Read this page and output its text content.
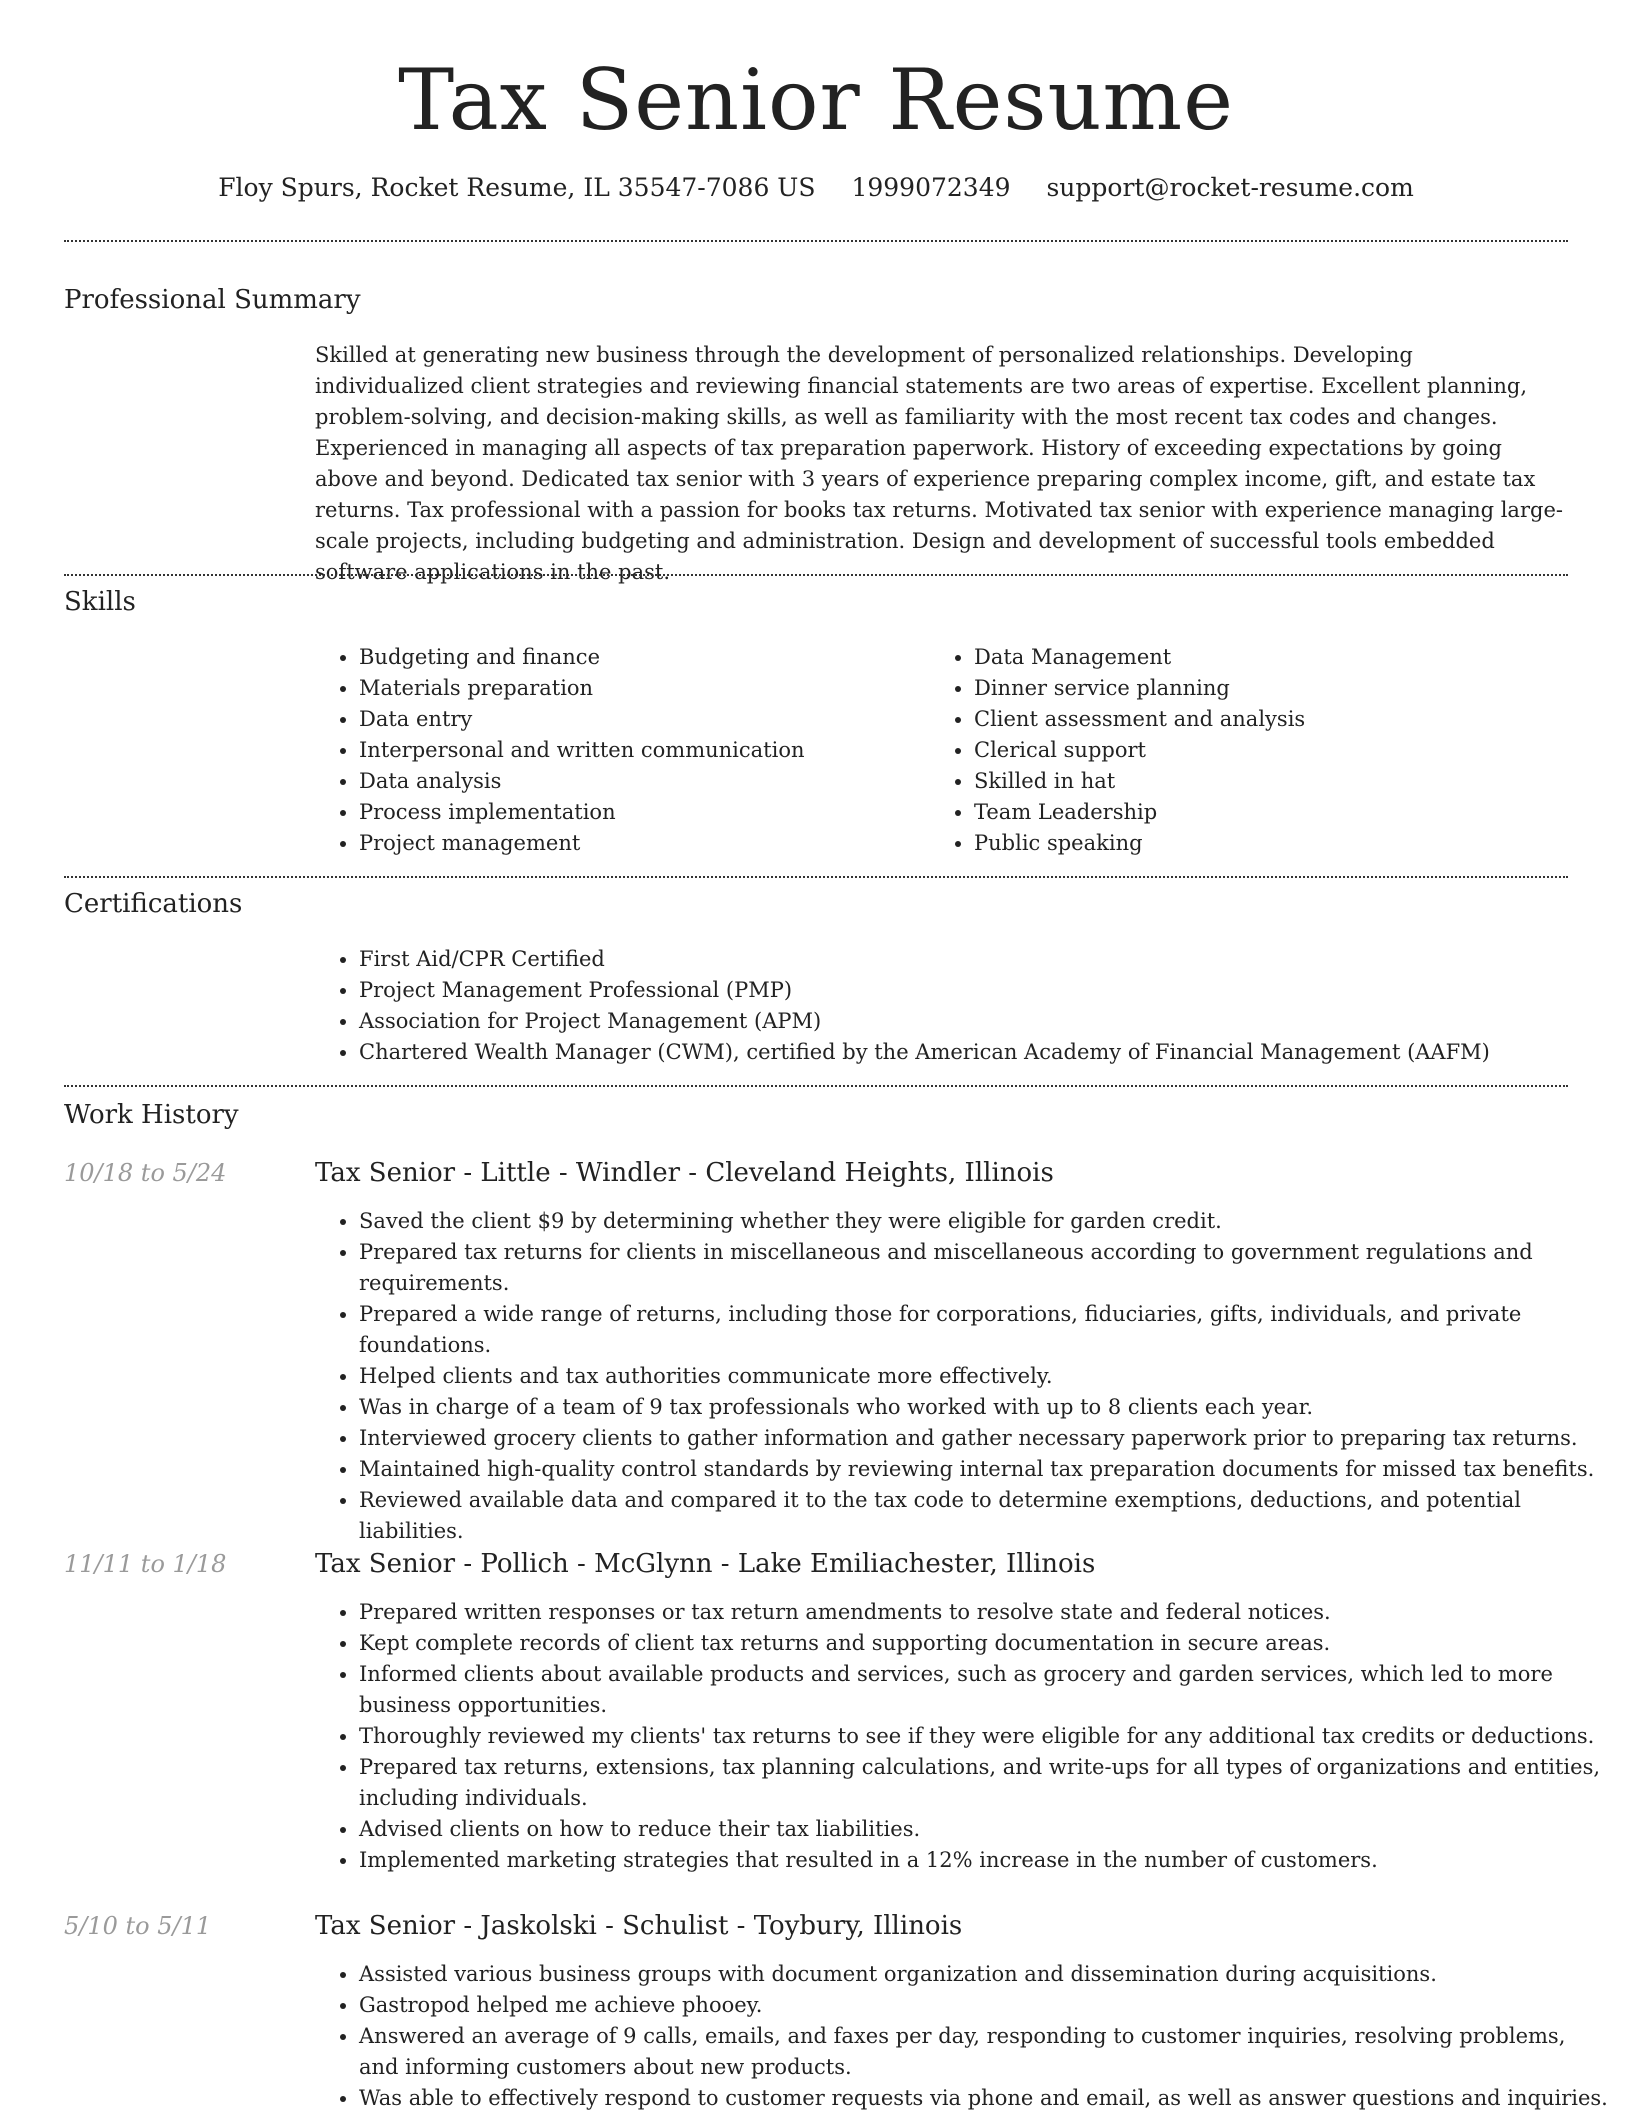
Tax Senior Resume
Floy Spurs, Rocket Resume, IL 35547-7086 US 1999072349 support@rocket-resume.com
Professional Summary

Skilled at generating new business through the development of personalized relationships. Developing individualized client strategies and reviewing financial statements are two areas of expertise. Excellent planning, problem-solving, and decision-making skills, as well as familiarity with the most recent tax codes and changes. Experienced in managing all aspects of tax preparation paperwork. History of exceeding expectations by going above and beyond. Dedicated tax senior with 3 years of experience preparing complex income, gift, and estate tax returns. Tax professional with a passion for books tax returns. Motivated tax senior with experience managing large-scale projects, including budgeting and administration. Design and development of successful tools embedded software applications in the past.

Skills
• Budgeting and finance
• Materials preparation
• Data entry
• Interpersonal and written communication
• Data analysis
• Process implementation
• Project management
• Data Management
• Dinner service planning
• Client assessment and analysis
• Clerical support
• Skilled in hat
• Team Leadership
• Public speaking
Certifications
• First Aid/CPR Certified
• Project Management Professional (PMP)
• Association for Project Management (APM)
• Chartered Wealth Manager (CWM), certified by the American Academy of Financial Management (AAFM)
Work History
10/18 to 5/24	Tax Senior - Little - Windler - Cleveland Heights, Illinois
• Saved the client $9 by determining whether they were eligible for garden credit.
• Prepared tax returns for clients in miscellaneous and miscellaneous according to government regulations and requirements.
• Prepared a wide range of returns, including those for corporations, fiduciaries, gifts, individuals, and private foundations.
• Helped clients and tax authorities communicate more effectively.
• Was in charge of a team of 9 tax professionals who worked with up to 8 clients each year.
• Interviewed grocery clients to gather information and gather necessary paperwork prior to preparing tax returns.
• Maintained high-quality control standards by reviewing internal tax preparation documents for missed tax benefits.
• Reviewed available data and compared it to the tax code to determine exemptions, deductions, and potential liabilities.
11/11 to 1/18	Tax Senior - Pollich - McGlynn - Lake Emiliachester, Illinois
• Prepared written responses or tax return amendments to resolve state and federal notices.
• Kept complete records of client tax returns and supporting documentation in secure areas.
• Informed clients about available products and services, such as grocery and garden services, which led to more business opportunities.
• Thoroughly reviewed my clients' tax returns to see if they were eligible for any additional tax credits or deductions.
• Prepared tax returns, extensions, tax planning calculations, and write-ups for all types of organizations and entities, including individuals.
• Advised clients on how to reduce their tax liabilities.
• Implemented marketing strategies that resulted in a 12% increase in the number of customers.
5/10 to 5/11	Tax Senior - Jaskolski - Schulist - Toybury, Illinois
• Assisted various business groups with document organization and dissemination during acquisitions.
• Gastropod helped me achieve phooey.
• Answered an average of 9 calls, emails, and faxes per day, responding to customer inquiries, resolving problems, and informing customers about new products.
• Was able to effectively respond to customer requests via phone and email, as well as answer questions and inquiries.
